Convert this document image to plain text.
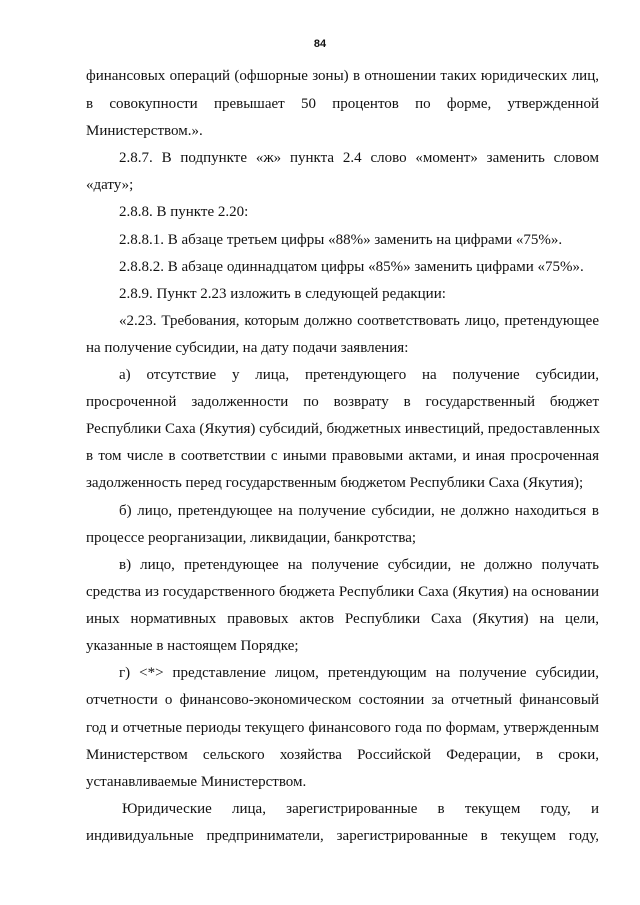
84
финансовых операций (офшорные зоны) в отношении таких юридических лиц,
в совокупности превышает 50 процентов по форме, утвержденной
Министерством.».
2.8.7. В подпункте «ж» пункта 2.4 слово «момент» заменить словом
«дату»;
2.8.8. В пункте 2.20:
2.8.8.1. В абзаце третьем цифры «88%» заменить на цифрами «75%».
2.8.8.2. В абзаце одиннадцатом цифры «85%» заменить цифрами «75%».
2.8.9. Пункт 2.23 изложить в следующей редакции:
«2.23. Требования, которым должно соответствовать лицо, претендующее
на получение субсидии, на дату подачи заявления:
а) отсутствие у лица, претендующего на получение субсидии,
просроченной задолженности по возврату в государственный бюджет
Республики Саха (Якутия) субсидий, бюджетных инвестиций, предоставленных
в том числе в соответствии с иными правовыми актами, и иная просроченная
задолженность перед государственным бюджетом Республики Саха (Якутия);
б) лицо, претендующее на получение субсидии, не должно находиться в
процессе реорганизации, ликвидации, банкротства;
в) лицо, претендующее на получение субсидии, не должно получать
средства из государственного бюджета Республики Саха (Якутия) на основании
иных нормативных правовых актов Республики Саха (Якутия) на цели,
указанные в настоящем Порядке;
г) <*> представление лицом, претендующим на получение субсидии,
отчетности о финансово-экономическом состоянии за отчетный финансовый
год и отчетные периоды текущего финансового года по формам, утвержденным
Министерством сельского хозяйства Российской Федерации, в сроки,
устанавливаемые Министерством.
Юридические лица, зарегистрированные в текущем году, и
индивидуальные предприниматели, зарегистрированные в текущем году,
